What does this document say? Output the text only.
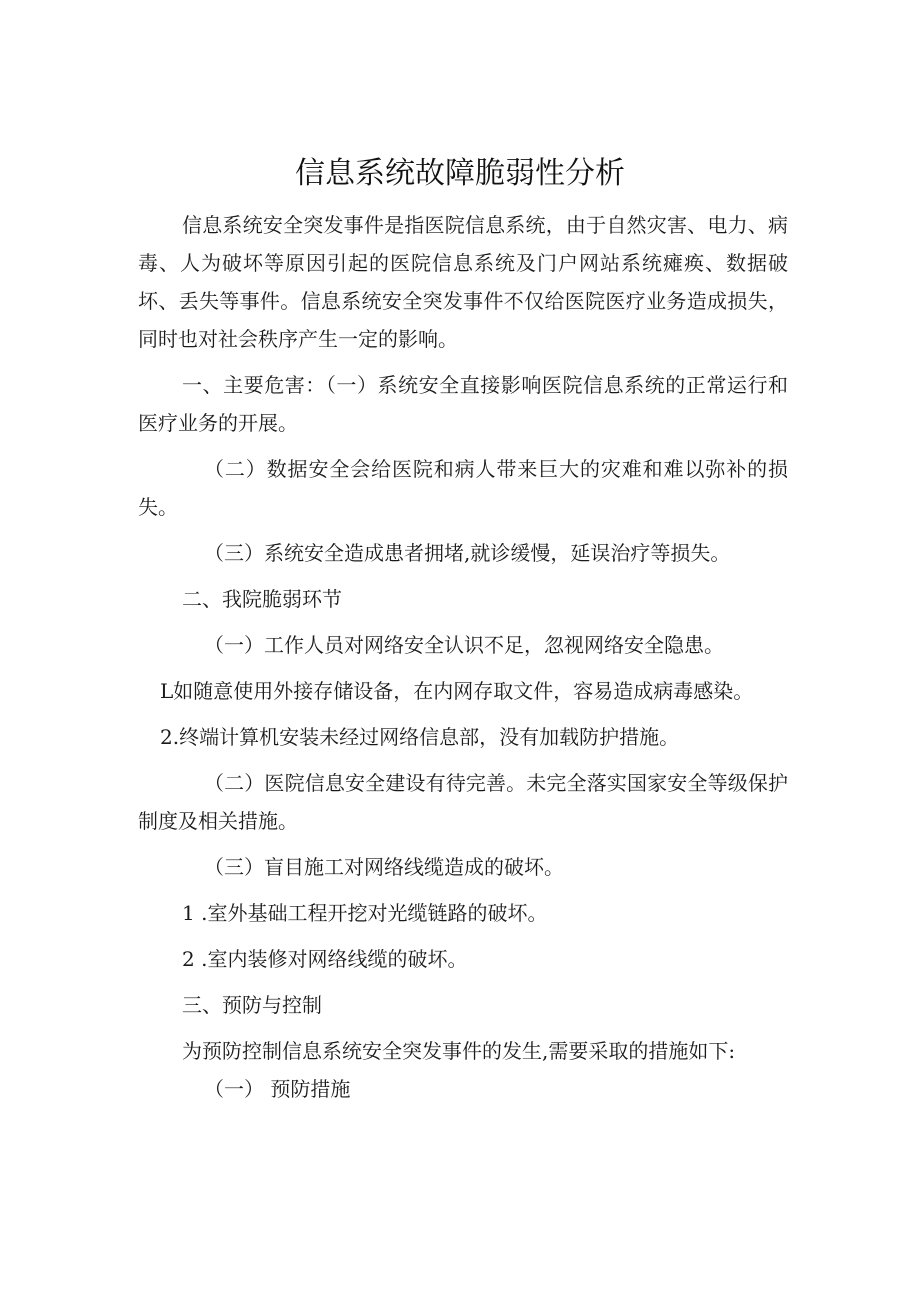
信息系统故障脆弱性分析

信息系统安全突发事件是指医院信息系统，由于自然灾害、电力、病毒、人为破坏等原因引起的医院信息系统及门户网站系统瘫痪、数据破坏、丢失等事件。信息系统安全突发事件不仅给医院医疗业务造成损失，同时也对社会秩序产生一定的影响。

一、主要危害：（一）系统安全直接影响医院信息系统的正常运行和医疗业务的开展。

（二）数据安全会给医院和病人带来巨大的灾难和难以弥补的损失。

（三）系统安全造成患者拥堵,就诊缓慢，延误治疗等损失。

二、我院脆弱环节

（一）工作人员对网络安全认识不足，忽视网络安全隐患。

L如随意使用外接存储设备，在内网存取文件，容易造成病毒感染。

2.终端计算机安装未经过网络信息部，没有加载防护措施。

（二）医院信息安全建设有待完善。未完全落实国家安全等级保护制度及相关措施。

（三）盲目施工对网络线缆造成的破坏。

1 .室外基础工程开挖对光缆链路的破坏。

2 .室内装修对网络线缆的破坏。

三、预防与控制

为预防控制信息系统安全突发事件的发生,需要采取的措施如下:

（一） 预防措施
